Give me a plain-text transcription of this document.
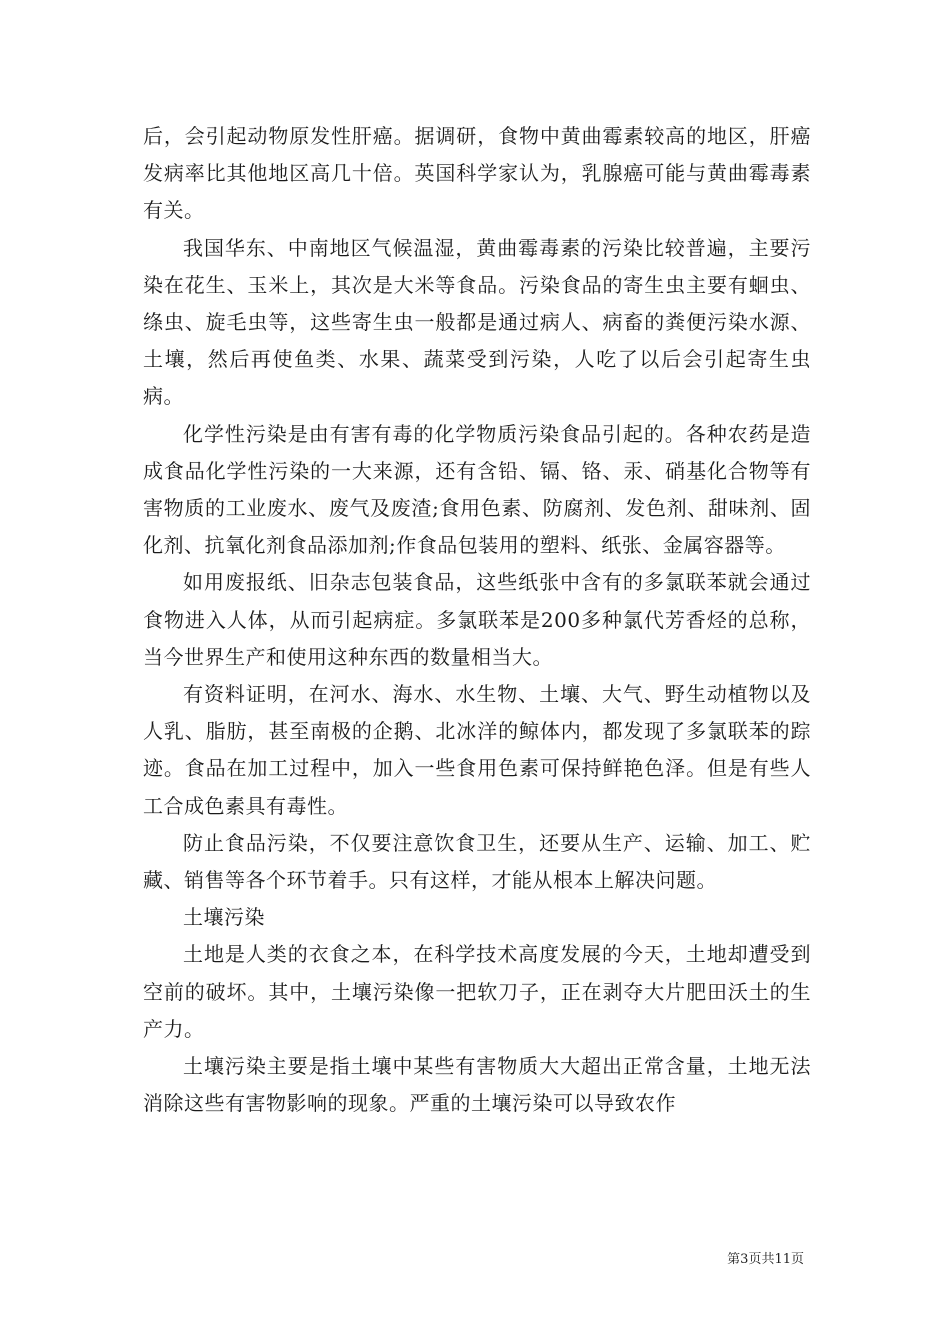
后，会引起动物原发性肝癌。据调研，食物中黄曲霉素较高的地区，肝癌发病率比其他地区高几十倍。英国科学家认为，乳腺癌可能与黄曲霉毒素有关。

我国华东、中南地区气候温湿，黄曲霉毒素的污染比较普遍，主要污染在花生、玉米上，其次是大米等食品。污染食品的寄生虫主要有蛔虫、绦虫、旋毛虫等，这些寄生虫一般都是通过病人、病畜的粪便污染水源、土壤，然后再使鱼类、水果、蔬菜受到污染，人吃了以后会引起寄生虫病。

化学性污染是由有害有毒的化学物质污染食品引起的。各种农药是造成食品化学性污染的一大来源，还有含铅、镉、铬、汞、硝基化合物等有害物质的工业废水、废气及废渣;食用色素、防腐剂、发色剂、甜味剂、固化剂、抗氧化剂食品添加剂;作食品包装用的塑料、纸张、金属容器等。

如用废报纸、旧杂志包装食品，这些纸张中含有的多氯联苯就会通过食物进入人体，从而引起病症。多氯联苯是200多种氯代芳香烃的总称，当今世界生产和使用这种东西的数量相当大。

有资料证明，在河水、海水、水生物、土壤、大气、野生动植物以及人乳、脂肪，甚至南极的企鹅、北冰洋的鲸体内，都发现了多氯联苯的踪迹。食品在加工过程中，加入一些食用色素可保持鲜艳色泽。但是有些人工合成色素具有毒性。

防止食品污染，不仅要注意饮食卫生，还要从生产、运输、加工、贮藏、销售等各个环节着手。只有这样，才能从根本上解决问题。

土壤污染

土地是人类的衣食之本，在科学技术高度发展的今天，土地却遭受到空前的破坏。其中，土壤污染像一把软刀子，正在剥夺大片肥田沃土的生产力。

土壤污染主要是指土壤中某些有害物质大大超出正常含量，土地无法消除这些有害物影响的现象。严重的土壤污染可以导致农作

第3页共11页
